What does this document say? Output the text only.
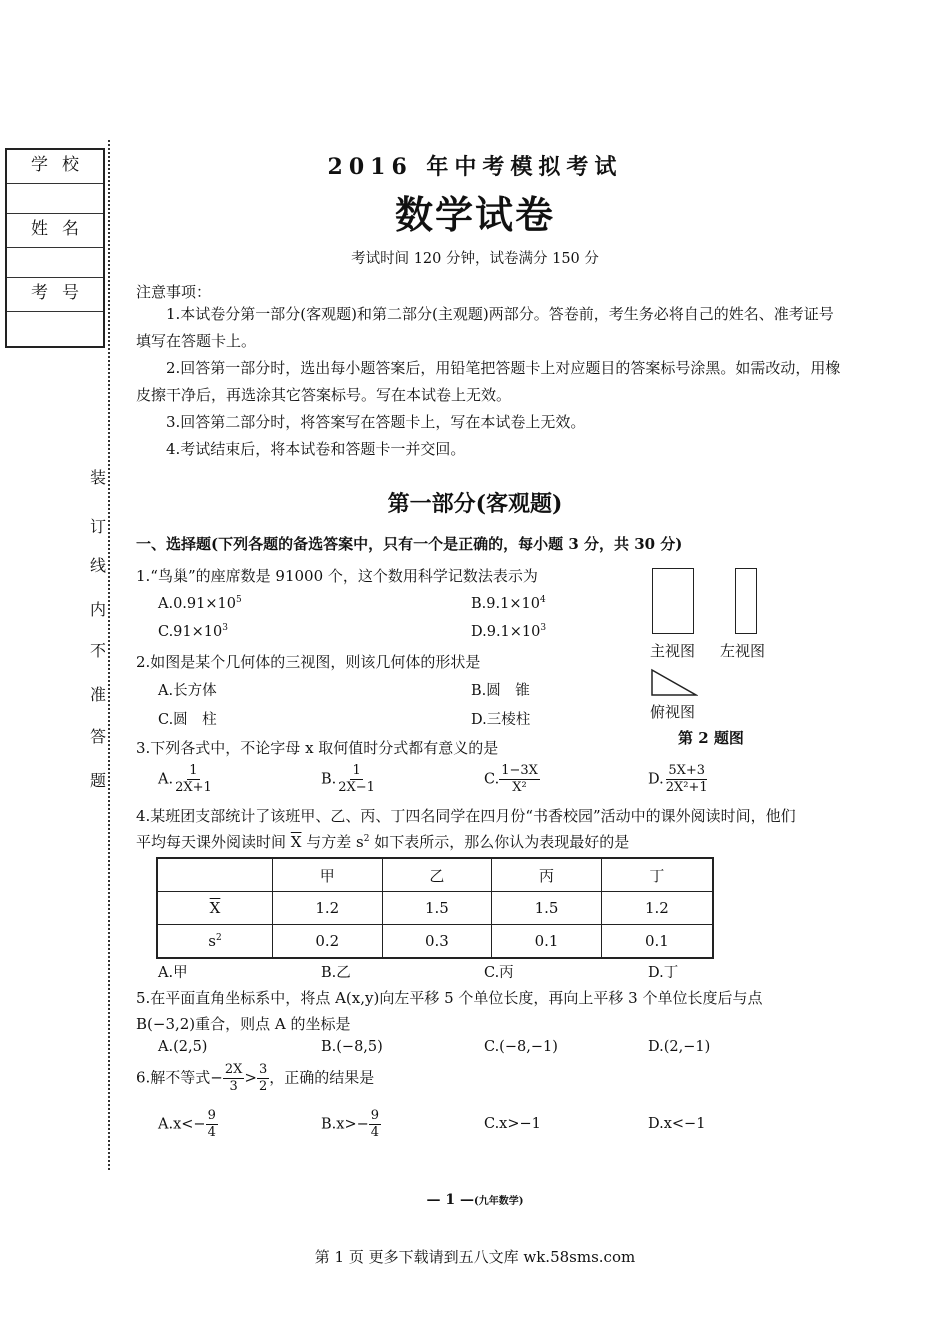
学校
姓名
考号
装
订
线
内
不
准
答
题
2016 年中考模拟考试
数学试卷
考试时间 120 分钟，试卷满分 150 分
注意事项：
1.本试卷分第一部分(客观题)和第二部分(主观题)两部分。答卷前，考生务必将自己的姓名、准考证号填写在答题卡上。
2.回答第一部分时，选出每小题答案后，用铅笔把答题卡上对应题目的答案标号涂黑。如需改动，用橡皮擦干净后，再选涂其它答案标号。写在本试卷上无效。
3.回答第二部分时，将答案写在答题卡上，写在本试卷上无效。
4.考试结束后，将本试卷和答题卡一并交回。
第一部分(客观题)
一、选择题(下列各题的备选答案中，只有一个是正确的，每小题 3 分，共 30 分)
1.“鸟巢”的座席数是 91000 个，这个数用科学记数法表示为
$A.0.91\times 10^5$	$B.9.1\times 10^4$
$C.91\times 10^3$	$D.9.1\times 10^3$
2.如图是某个几何体的三视图，则该几何体的形状是
A.长方体	B.圆　锥
C.圆　柱	D.三棱柱
主视图 左视图
俯视图
第 2 题图
3.下列各式中，不论字母 x 取何值时分式都有意义的是
A. $\frac{1}{2X+1}$	B. $\frac{1}{2X-1}$	C. $\frac{1-3X}{\text{X²}}$	D. $\frac{5X+3}{\text{2X²+1}}$
4.某班团支部统计了该班甲、乙、丙、丁四名同学在四月份“书香校园”活动中的课外阅读时间，他们
平均每天课外阅读时间 $\overline{X}$ 与方差 $s^2$ 如下表所示，那么你认为表现最好的是
	甲	乙	丙	丁
$\overline{X}$	1.2	1.5	1.5	1.2
$s^2$	0.2	0.3	0.1	0.1
A.甲	B.乙	C.丙	D.丁
5.在平面直角坐标系中，将点 A(x,y)向左平移 5 个单位长度，再向上平移 3 个单位长度后与点
B(−3,2)重合，则点 A 的坐标是
A.(2,5)	B.(−8,5)	C.(−8,−1)	D.(2,−1)
6.解不等式− $\frac{2X}{3} > \frac{3}{2}$ ，正确的结果是
$A.x<- \frac{9}{4}$	$B.x>- \frac{9}{4}$	C.x>−1	D.x<−1
— 1 —(九年数学)
第 1 页 更多下载请到五八文库 wk.58sms.com
